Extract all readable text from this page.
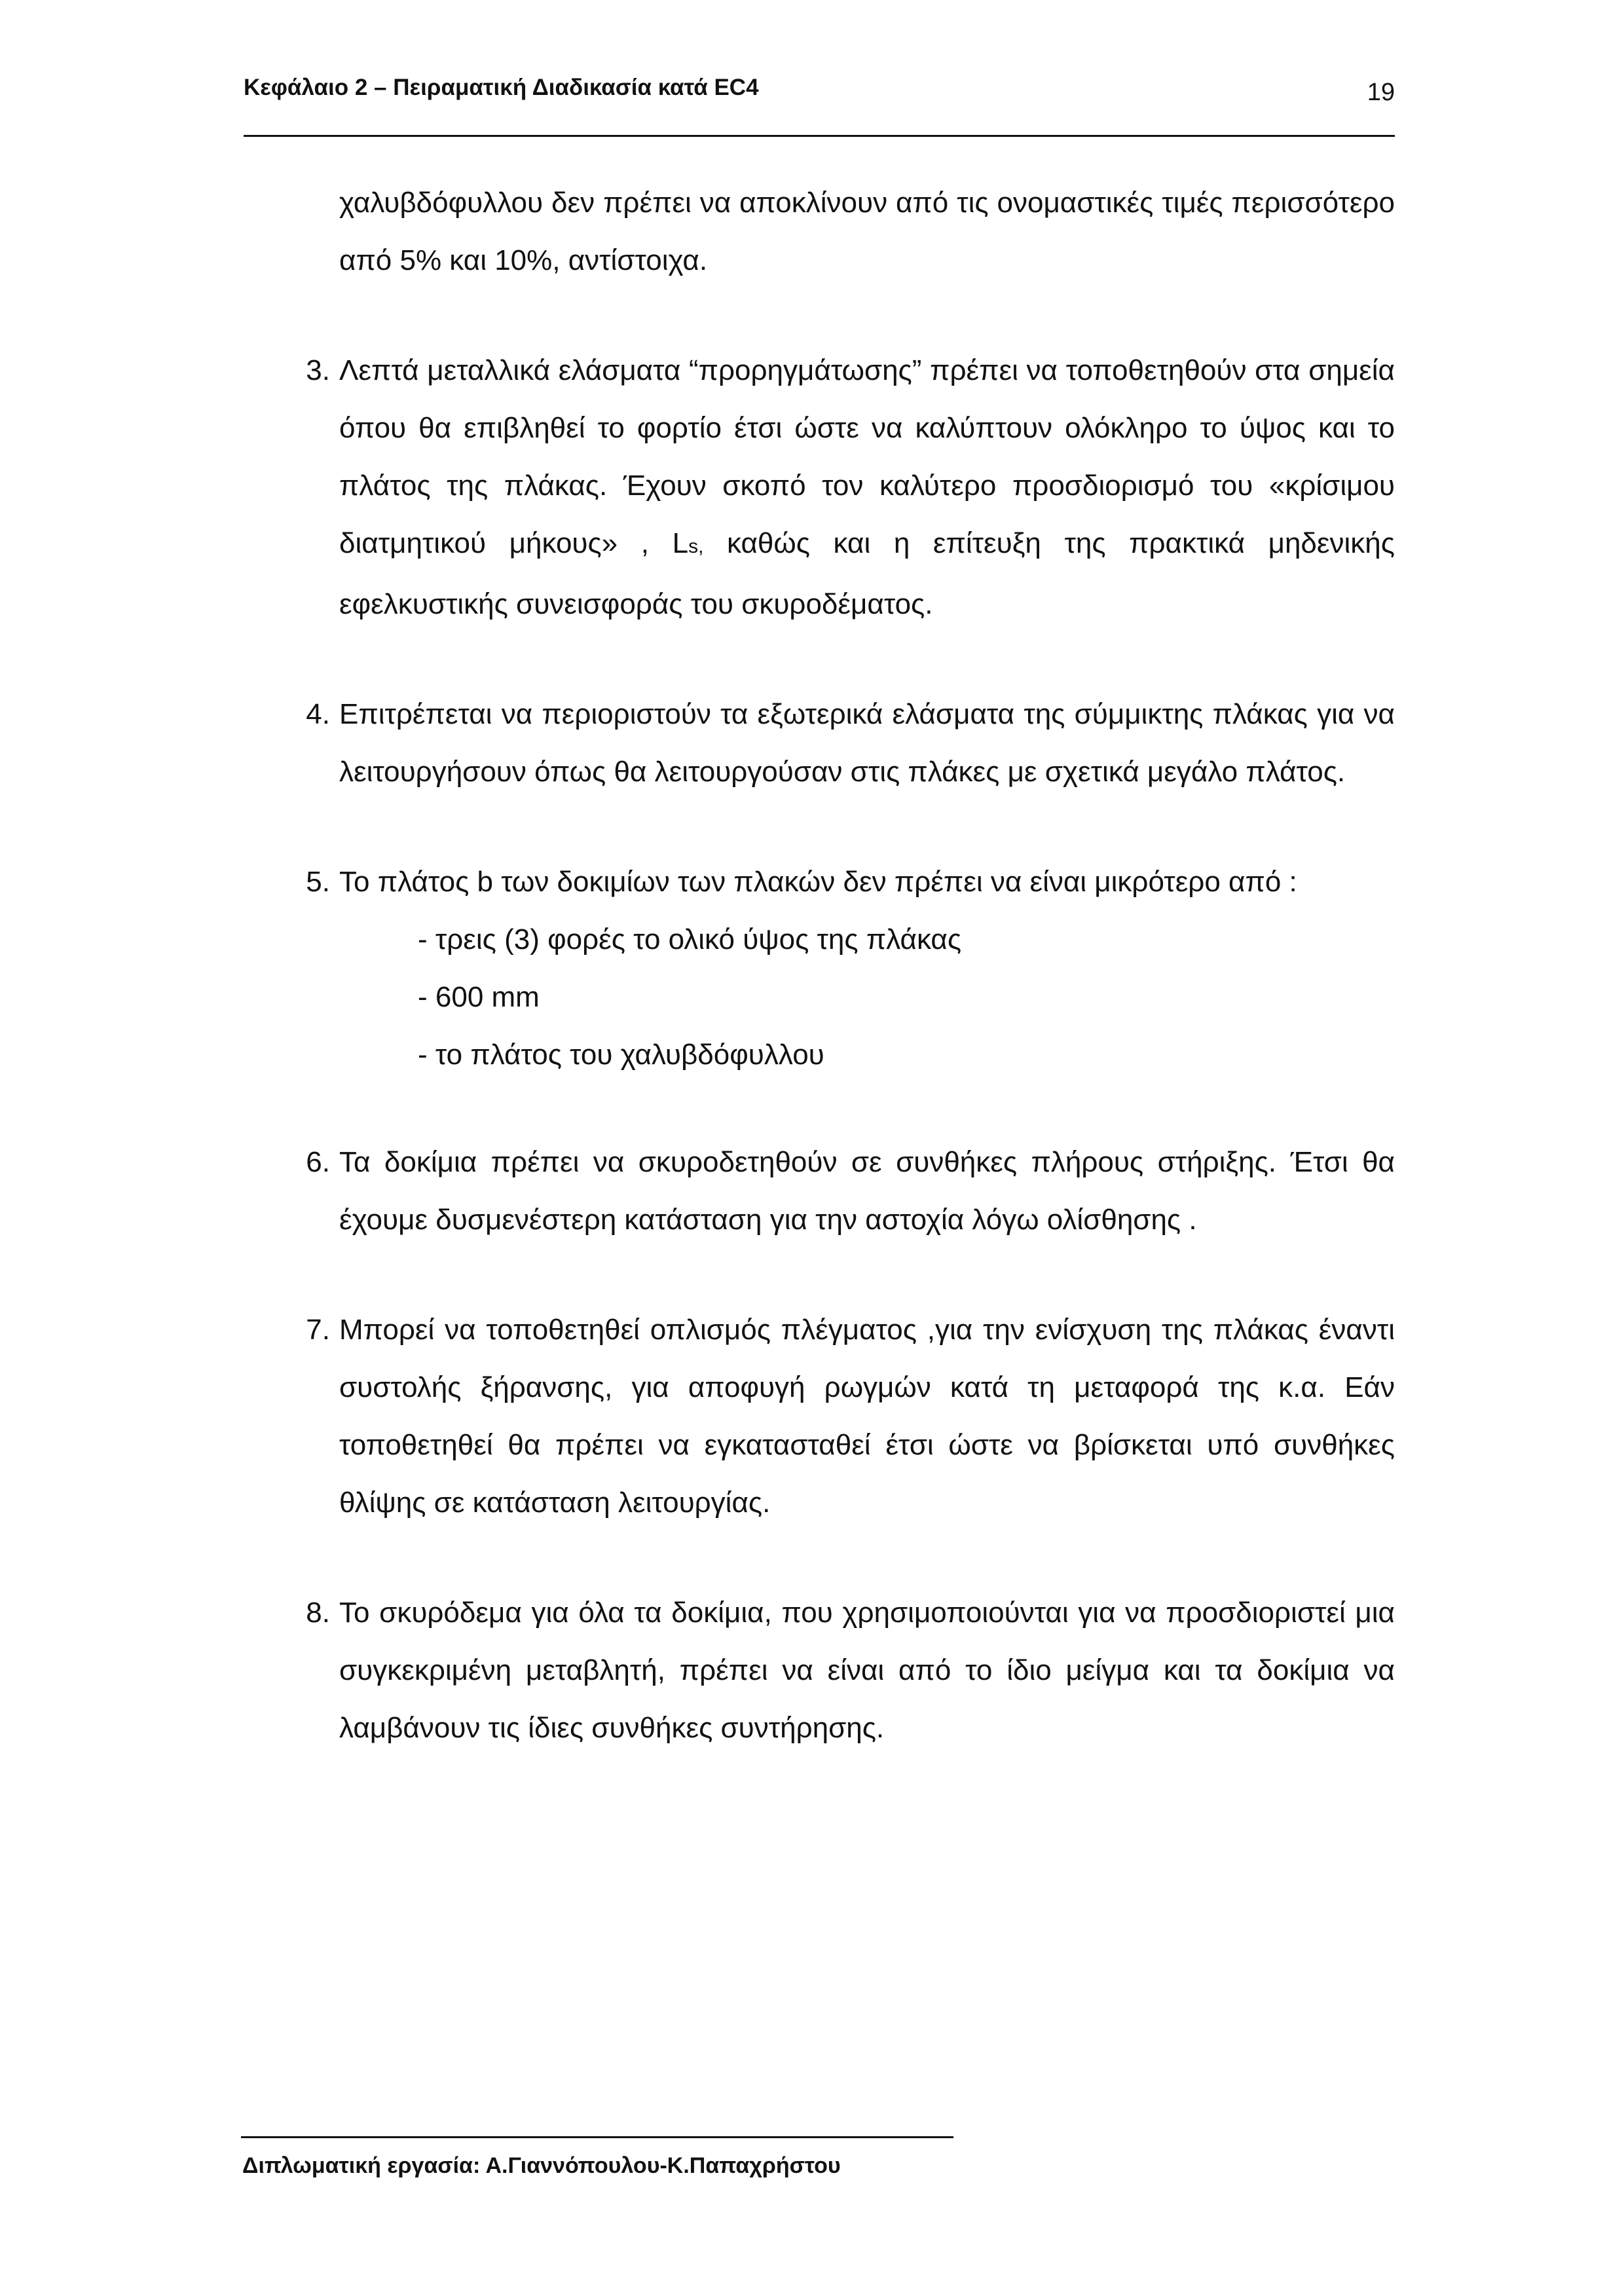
Κεφάλαιο 2 – Πειραματική Διαδικασία κατά ΕC4	19

χαλυβδόφυλλου δεν πρέπει να αποκλίνουν από τις ονομαστικές τιμές περισσότερο από 5% και 10%, αντίστοιχα.

3. Λεπτά μεταλλικά ελάσματα “προρηγμάτωσης” πρέπει να τοποθετηθούν στα σημεία όπου θα επιβληθεί το φορτίο έτσι ώστε να καλύπτουν ολόκληρο το ύψος και το πλάτος της πλάκας. Έχουν σκοπό τον καλύτερο προσδιορισμό του «κρίσιμου διατμητικού μήκους» , Ls, καθώς και η επίτευξη της πρακτικά μηδενικής εφελκυστικής συνεισφοράς του σκυροδέματος.
4. Επιτρέπεται να περιοριστούν τα εξωτερικά ελάσματα της σύμμικτης πλάκας για να λειτουργήσουν όπως θα λειτουργούσαν στις πλάκες με σχετικά μεγάλο πλάτος.
5. Το πλάτος b των δοκιμίων των πλακών δεν πρέπει να είναι μικρότερο από :
- τρεις (3) φορές το ολικό ύψος της πλάκας
- 600 mm
- το πλάτος του χαλυβδόφυλλου
6. Τα δοκίμια πρέπει να σκυροδετηθούν σε συνθήκες πλήρους στήριξης. Έτσι θα έχουμε δυσμενέστερη κατάσταση για την αστοχία λόγω ολίσθησης .
7. Μπορεί να τοποθετηθεί οπλισμός πλέγματος ,για την ενίσχυση της πλάκας έναντι συστολής ξήρανσης, για αποφυγή ρωγμών κατά τη μεταφορά της κ.α. Εάν τοποθετηθεί θα πρέπει να εγκατασταθεί έτσι ώστε να βρίσκεται υπό συνθήκες θλίψης σε κατάσταση λειτουργίας.
8. Το σκυρόδεμα για όλα τα δοκίμια, που χρησιμοποιούνται για να προσδιοριστεί μια συγκεκριμένη μεταβλητή, πρέπει να είναι από το ίδιο μείγμα και τα δοκίμια να λαμβάνουν τις ίδιες συνθήκες συντήρησης.
Διπλωματική εργασία: Α.Γιαννόπουλου-Κ.Παπαχρήστου
